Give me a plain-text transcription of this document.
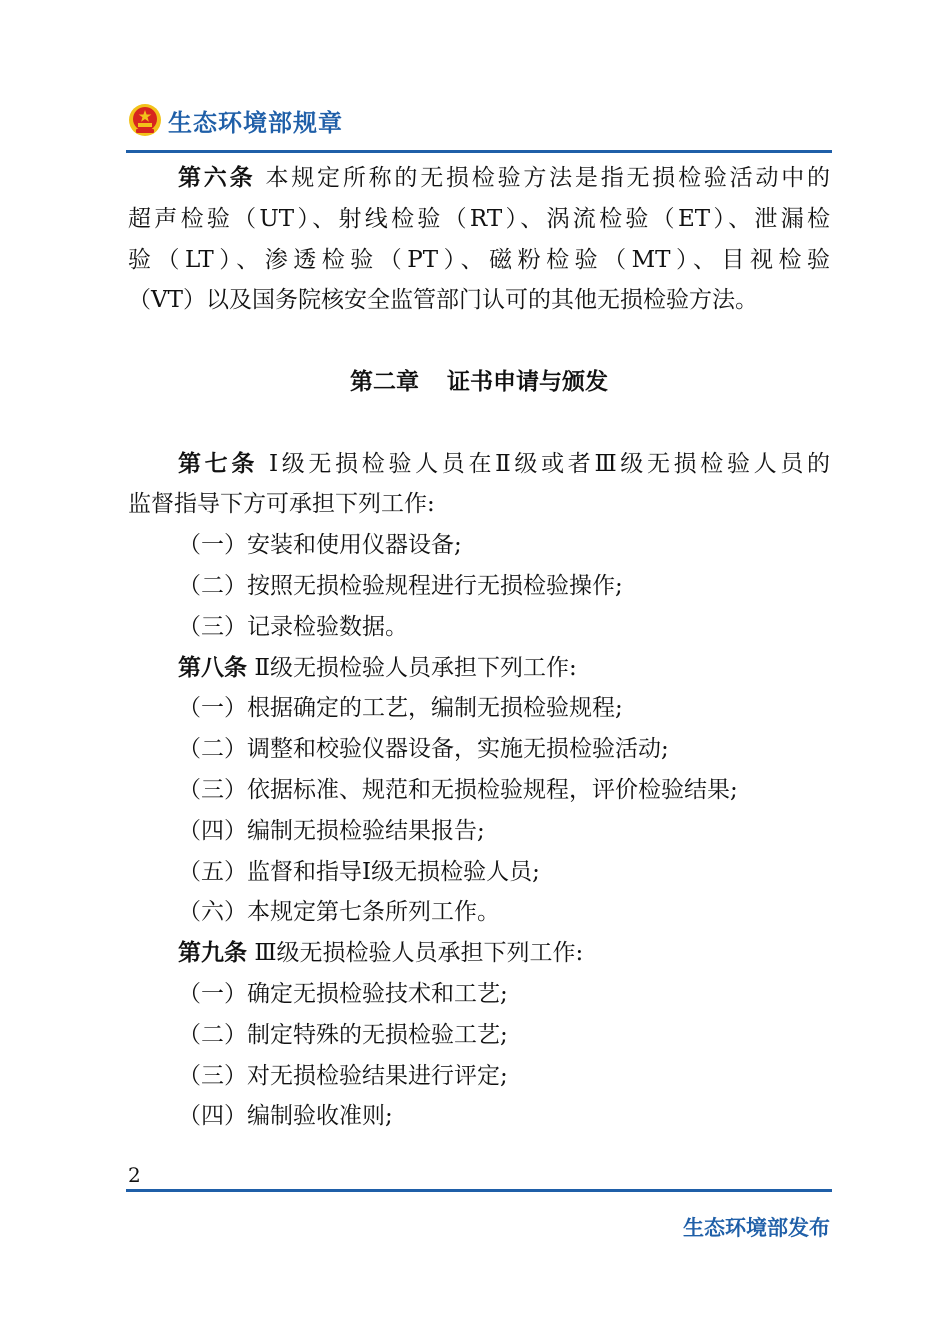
生态环境部规章
第六条 本规定所称的无损检验方法是指无损检验活动中的
超声检验（UT）、射线检验（RT）、涡流检验（ET）、泄漏检
验（LT）、渗透检验（PT）、磁粉检验（MT）、目视检验
（VT）以及国务院核安全监管部门认可的其他无损检验方法。
第二章 证书申请与颁发
第七条 Ⅰ级无损检验人员在Ⅱ级或者Ⅲ级无损检验人员的
监督指导下方可承担下列工作:
（一）安装和使用仪器设备;
（二）按照无损检验规程进行无损检验操作;
（三）记录检验数据。
第八条 Ⅱ级无损检验人员承担下列工作:
（一）根据确定的工艺，编制无损检验规程;
（二）调整和校验仪器设备，实施无损检验活动;
（三）依据标准、规范和无损检验规程，评价检验结果;
（四）编制无损检验结果报告;
（五）监督和指导Ⅰ级无损检验人员;
（六）本规定第七条所列工作。
第九条 Ⅲ级无损检验人员承担下列工作:
（一）确定无损检验技术和工艺;
（二）制定特殊的无损检验工艺;
（三）对无损检验结果进行评定;
（四）编制验收准则;
2
生态环境部发布
